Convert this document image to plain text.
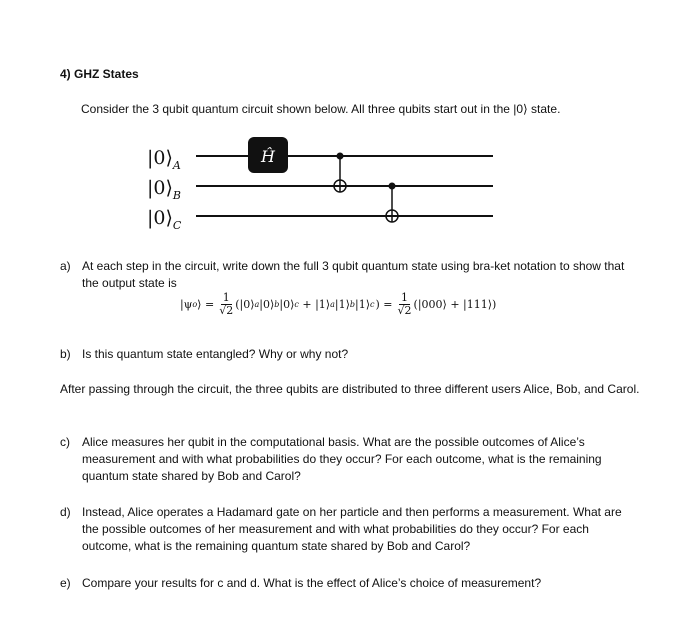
4) GHZ States
Consider the 3 qubit quantum circuit shown below. All three qubits start out in the |0⟩ state.
$|0⟩_A$
$|0⟩_B$
$|0⟩_C$
Ĥ
a) At each step in the circuit, write down the full 3 qubit quantum state using bra-ket notation to show that the output state is
|ψ o ⟩ = $\frac{1}{√2}$ (|0⟩ a |0⟩ b |0⟩ c + |1⟩ a |1⟩ b |1⟩ c ) = $\frac{1}{√2}$ (|000⟩ + |111⟩)
b) Is this quantum state entangled? Why or why not?
After passing through the circuit, the three qubits are distributed to three different users Alice, Bob, and Carol.
c) Alice measures her qubit in the computational basis. What are the possible outcomes of Alice’s measurement and with what probabilities do they occur? For each outcome, what is the remaining quantum state shared by Bob and Carol?
d) Instead, Alice operates a Hadamard gate on her particle and then performs a measurement. What are the possible outcomes of her measurement and with what probabilities do they occur? For each outcome, what is the remaining quantum state shared by Bob and Carol?
e) Compare your results for c and d. What is the effect of Alice’s choice of measurement?
